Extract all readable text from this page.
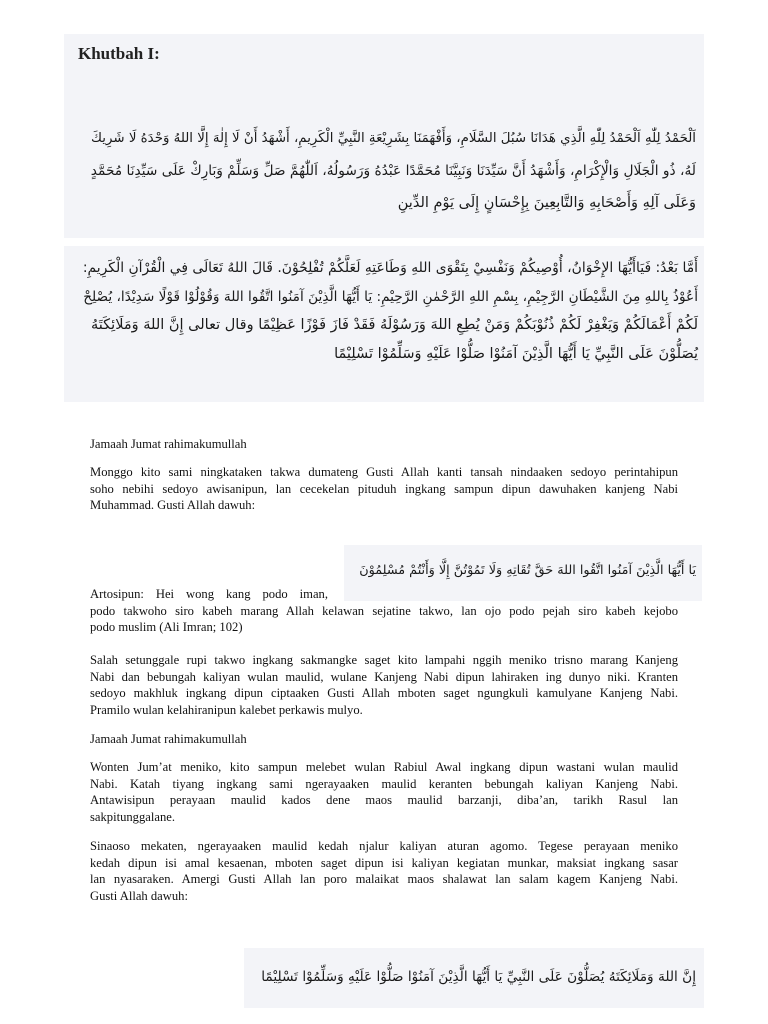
Khutbah I:
اَلْحَمْدُ لِلّٰهِ اَلْحَمْدُ لِلّٰهِ الَّذِي هَدَانَا سُبُلَ السَّلَامِ، وَأَفْهَمَنَا بِشَرِيْعَةِ النَّبِيِّ الْكَرِيمِ، أَشْهَدُ أَنْ لَا إِلٰهَ إِلَّا اللهُ وَحْدَهُ لَا شَرِيكَ
لَهُ، ذُو الْجَلَالِ وَالْإِكْرَامِ، وَأَشْهَدُ أَنَّ سَيِّدَنَا وَنَبِيَّنَا مُحَمَّدًا عَبْدُهُ وَرَسُولُهُ، اَللّٰهُمَّ صَلِّ وَسَلِّمْ وَبَارِكْ عَلَى سَيِّدِنَا مُحَمَّدٍ
وَعَلَى آلِهِ وَأَصْحَابِهِ وَالتَّابِعِينَ بِإِحْسَانٍ إِلَى يَوْمِ الدِّينِ
أَمَّا بَعْدُ: فَيَاأَيُّهَا الإِخْوَانُ، أُوْصِيكُمْ وَنَفْسِيْ بِتَقْوَى اللهِ وَطَاعَتِهِ لَعَلَّكُمْ تُفْلِحُوْنَ. قَالَ اللهُ تَعَالَى فِي الْقُرْآنِ الْكَرِيمِ:
أَعُوْذُ بِاللهِ مِنَ الشَّيْطَانِ الرَّجِيْمِ، بِسْمِ اللهِ الرَّحْمٰنِ الرَّحِيْمِ: يَا أَيُّهَا الَّذِيْنَ آمَنُوا اتَّقُوا اللهَ وَقُوْلُوْا قَوْلًا سَدِيْدًا، يُصْلِحْ
لَكُمْ أَعْمَالَكُمْ وَيَغْفِرْ لَكُمْ ذُنُوْبَكُمْ وَمَنْ يُطِعِ اللهَ وَرَسُوْلَهُ فَقَدْ فَازَ فَوْزًا عَظِيْمًا وقال تعالى إِنَّ اللهَ وَمَلَائِكَتَهُ
يُصَلُّوْنَ عَلَى النَّبِيِّ يَا أَيُّهَا الَّذِيْنَ آمَنُوْا صَلُّوْا عَلَيْهِ وَسَلِّمُوْا تَسْلِيْمًا
Jamaah Jumat rahimakumullah
Monggo kito sami ningkataken takwa dumateng Gusti Allah kanti tansah nindaaken sedoyo perintahipun
soho nebihi sedoyo awisanipun, lan cecekelan pituduh ingkang sampun dipun dawuhaken kanjeng Nabi
Muhammad. Gusti Allah dawuh:
يَا أَيُّهَا الَّذِيْنَ آمَنُوا اتَّقُوا اللهَ حَقَّ تُقَاتِهِ وَلَا تَمُوْتُنَّ إِلَّا وَأَنْتُمْ مُسْلِمُوْنَ
Artosipun: Hei wong kang podo iman,
podo takwoho siro kabeh marang Allah kelawan sejatine takwo, lan ojo podo pejah siro kabeh kejobo
podo muslim (Ali Imran; 102)
Salah setunggale rupi takwo ingkang sakmangke saget kito lampahi nggih meniko trisno marang Kanjeng
Nabi dan bebungah kaliyan wulan maulid, wulane Kanjeng Nabi dipun lahiraken ing dunyo niki. Kranten
sedoyo makhluk ingkang dipun ciptaaken Gusti Allah mboten saget ngungkuli kamulyane Kanjeng Nabi.
Pramilo wulan kelahiranipun kalebet perkawis mulyo.
Jamaah Jumat rahimakumullah
Wonten Jum’at meniko, kito sampun melebet wulan Rabiul Awal ingkang dipun wastani wulan maulid
Nabi. Katah tiyang ingkang sami ngerayaaken maulid keranten bebungah kaliyan Kanjeng Nabi.
Antawisipun perayaan maulid kados dene maos maulid barzanji, diba’an, tarikh Rasul lan
sakpitunggalane.
Sinaoso mekaten, ngerayaaken maulid kedah njalur kaliyan aturan agomo. Tegese perayaan meniko
kedah dipun isi amal kesaenan, mboten saget dipun isi kaliyan kegiatan munkar, maksiat ingkang sasar
lan nyasaraken. Amergi Gusti Allah lan poro malaikat maos shalawat lan salam kagem Kanjeng Nabi.
Gusti Allah dawuh:
إِنَّ اللهَ وَمَلَائِكَتَهُ يُصَلُّوْنَ عَلَى النَّبِيِّ يَا أَيُّهَا الَّذِيْنَ آمَنُوْا صَلُّوْا عَلَيْهِ وَسَلِّمُوْا تَسْلِيْمًا
